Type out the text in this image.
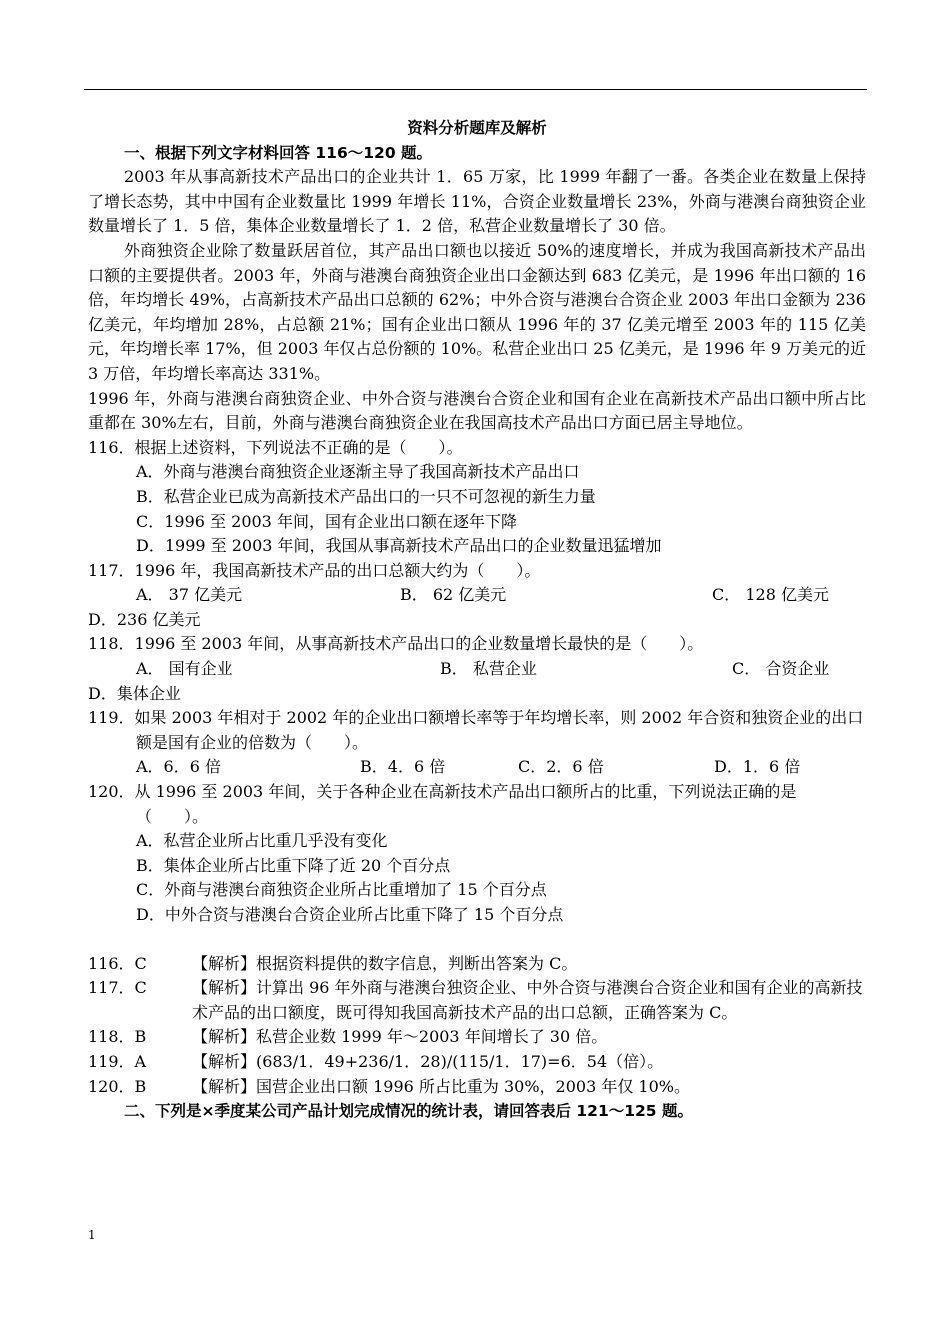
资料分析题库及解析
一、根据下列文字材料回答 116～120 题。

2003 年从事高新技术产品出口的企业共计 1．65 万家，比 1999 年翻了一番。各类企业在数量上保持了增长态势，其中中国有企业数量比 1999 年增长 11%，合资企业数量增长 23%，外商与港澳台商独资企业数量增长了 1．5 倍，集体企业数量增长了 1．2 倍，私营企业数量增长了 30 倍。

外商独资企业除了数量跃居首位，其产品出口额也以接近 50%的速度增长，并成为我国高新技术产品出口额的主要提供者。2003 年，外商与港澳台商独资企业出口金额达到 683 亿美元，是 1996 年出口额的 16 倍，年均增长 49%，占高新技术产品出口总额的 62%；中外合资与港澳台合资企业 2003 年出口金额为 236 亿美元，年均增加 28%，占总额 21%；国有企业出口额从 1996 年的 37 亿美元增至 2003 年的 115 亿美元，年均增长率 17%，但 2003 年仅占总份额的 10%。私营企业出口 25 亿美元，是 1996 年 9 万美元的近 3 万倍，年均增长率高达 331%。

1996 年，外商与港澳台商独资企业、中外合资与港澳台合资企业和国有企业在高新技术产品出口额中所占比重都在 30%左右，目前，外商与港澳台商独资企业在我国高技术产品出口方面已居主导地位。

116．根据上述资料，下列说法不正确的是（　　）。
A．外商与港澳台商独资企业逐渐主导了我国高新技术产品出口
B．私营企业已成为高新技术产品出口的一只不可忽视的新生力量
C．1996 至 2003 年间，国有企业出口额在逐年下降
D．1999 至 2003 年间，我国从事高新技术产品出口的企业数量迅猛增加
117．1996 年，我国高新技术产品的出口总额大约为（　　）。
A． 37 亿美元	B． 62 亿美元	C． 128 亿美元
D．236 亿美元
118．1996 至 2003 年间，从事高新技术产品出口的企业数量增长最快的是（　　）。
A． 国有企业	B． 私营企业	C． 合资企业
D．集体企业
119．如果 2003 年相对于 2002 年的企业出口额增长率等于年均增长率，则 2002 年合资和独资企业的出口额是国有企业的倍数为（　　）。
A．6．6 倍	B．4．6 倍	C．2．6 倍	D．1．6 倍
120．从 1996 至 2003 年间，关于各种企业在高新技术产品出口额所占的比重，下列说法正确的是（　　）。
A．私营企业所占比重几乎没有变化
B．集体企业所占比重下降了近 20 个百分点
C．外商与港澳台商独资企业所占比重增加了 15 个百分点
D．中外合资与港澳台合资企业所占比重下降了 15 个百分点
116．C	【解析】根据资料提供的数字信息，判断出答案为 C。
117．C	【解析】计算出 96 年外商与港澳台独资企业、中外合资与港澳台合资企业和国有企业的高新技术产品的出口额度，既可得知我国高新技术产品的出口总额，正确答案为 C。
118．B	【解析】私营企业数 1999 年～2003 年间增长了 30 倍。
119．A	【解析】(683/1．49+236/1．28)/(115/1．17)=6．54（倍）。
120．B	【解析】国营企业出口额 1996 所占比重为 30%，2003 年仅 10%。
二、下列是×季度某公司产品计划完成情况的统计表，请回答表后 121～125 题。
1
